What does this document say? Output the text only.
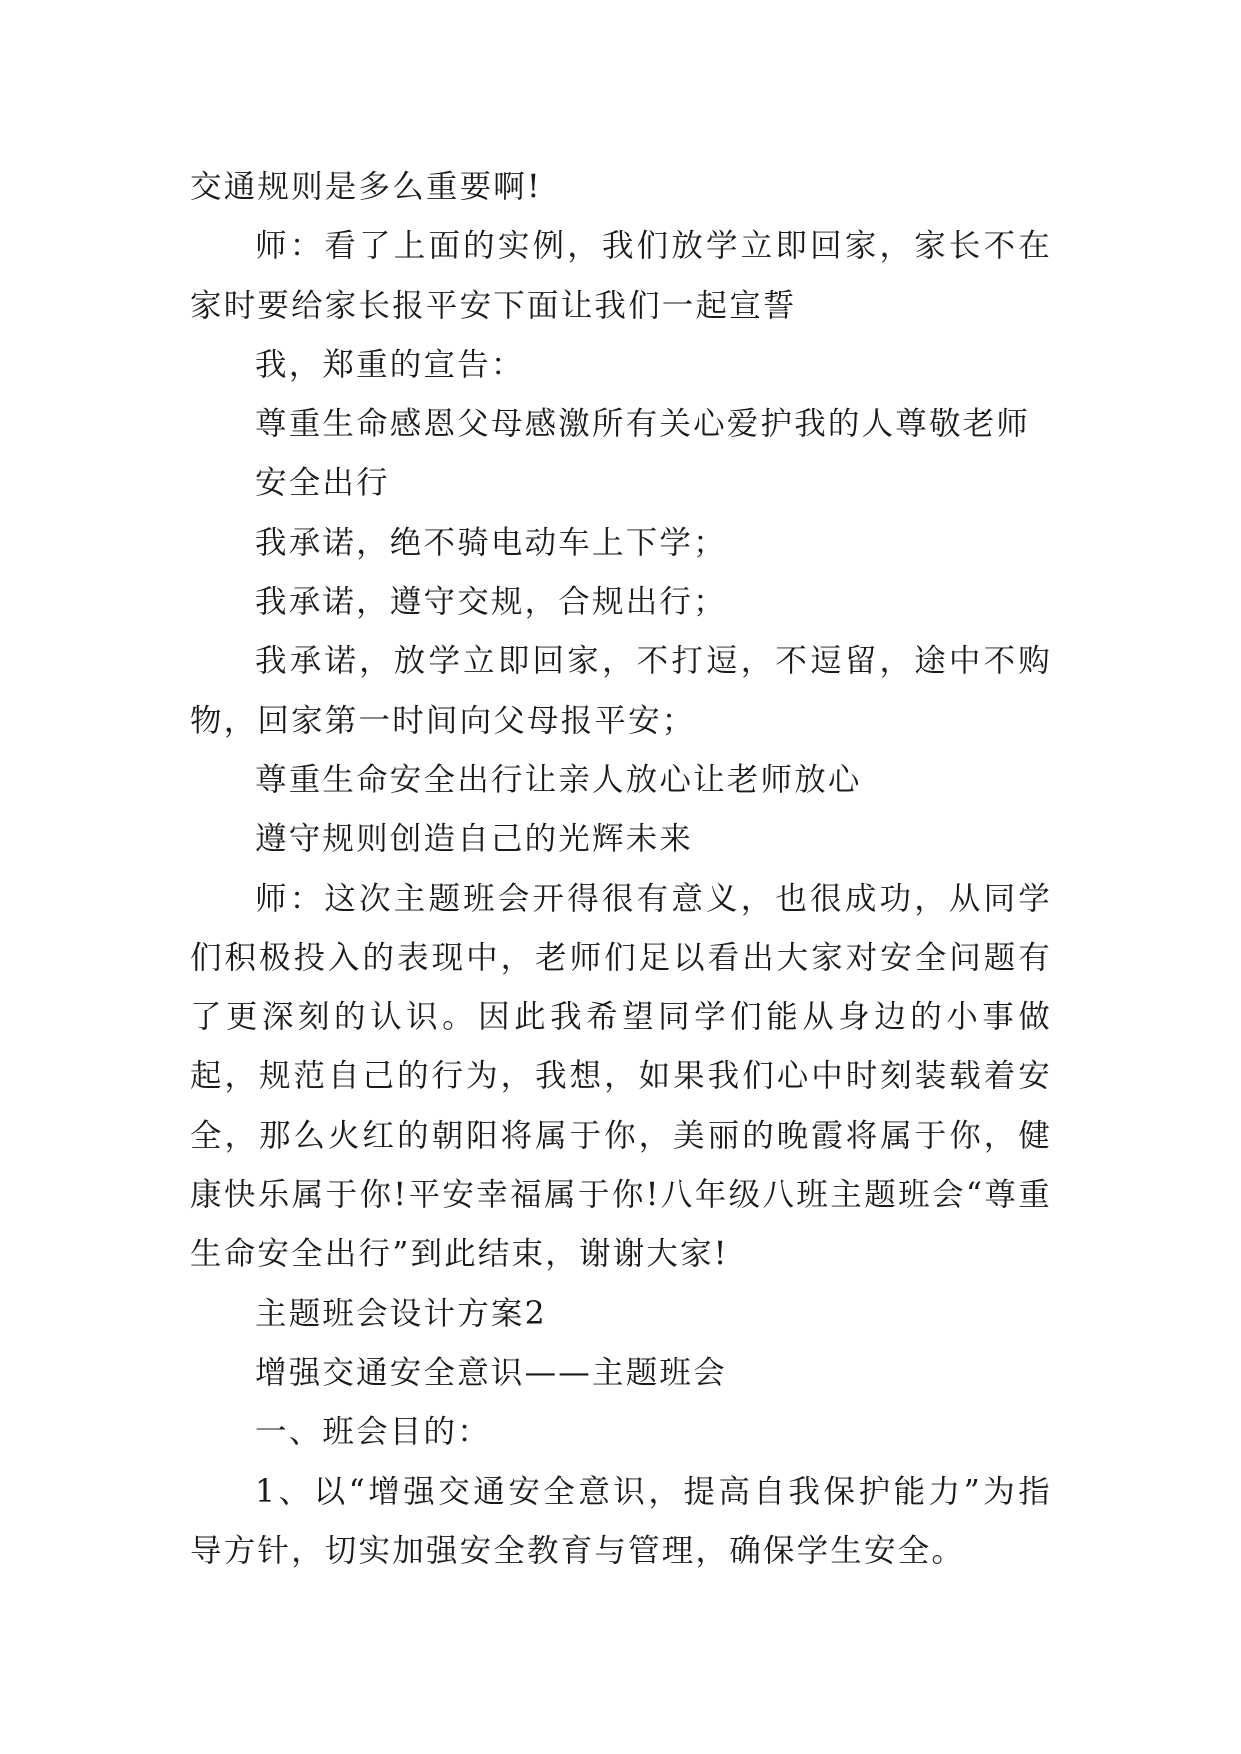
交通规则是多么重要啊!

师：看了上面的实例，我们放学立即回家，家长不在家时要给家长报平安下面让我们一起宣誓

我，郑重的宣告：

尊重生命感恩父母感激所有关心爱护我的人尊敬老师

安全出行

我承诺，绝不骑电动车上下学；

我承诺，遵守交规，合规出行；

我承诺，放学立即回家，不打逗，不逗留，途中不购物，回家第一时间向父母报平安；

尊重生命安全出行让亲人放心让老师放心

遵守规则创造自己的光辉未来

师：这次主题班会开得很有意义，也很成功，从同学们积极投入的表现中，老师们足以看出大家对安全问题有了更深刻的认识。因此我希望同学们能从身边的小事做起，规范自己的行为，我想，如果我们心中时刻装载着安全，那么火红的朝阳将属于你，美丽的晚霞将属于你，健康快乐属于你!平安幸福属于你!八年级八班主题班会“尊重生命安全出行”到此结束，谢谢大家!

主题班会设计方案2

增强交通安全意识——主题班会

一、班会目的：

1、以“增强交通安全意识，提高自我保护能力”为指导方针，切实加强安全教育与管理，确保学生安全。
